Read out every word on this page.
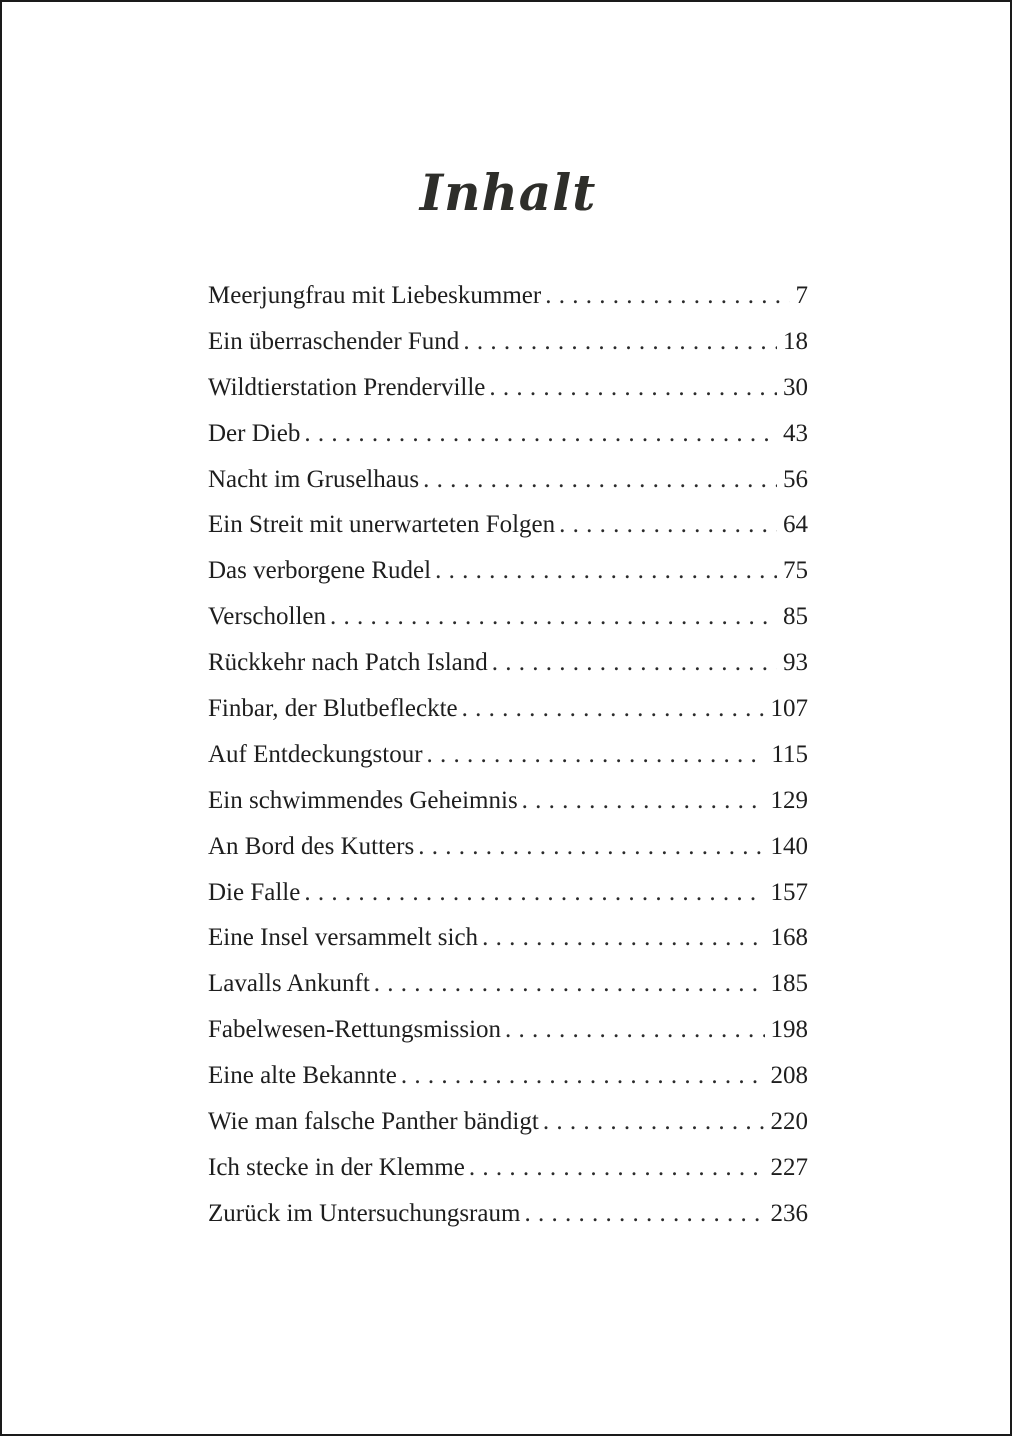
Inhalt
Meerjungfrau mit Liebeskummer . . .	7
Ein überraschender Fund . . .	18
Wildtierstation Prenderville . . .	30
Der Dieb . . .	43
Nacht im Gruselhaus . . .	56
Ein Streit mit unerwarteten Folgen . . .	64
Das verborgene Rudel . . .	75
Verschollen . . .	85
Rückkehr nach Patch Island . . .	93
Finbar, der Blutbefleckte . . .	107
Auf Entdeckungstour . . .	115
Ein schwimmendes Geheimnis . . .	129
An Bord des Kutters . . .	140
Die Falle . . .	157
Eine Insel versammelt sich . . .	168
Lavalls Ankunft . . .	185
Fabelwesen-Rettungsmission . . .	198
Eine alte Bekannte . . .	208
Wie man falsche Panther bändigt . . .	220
Ich stecke in der Klemme . . .	227
Zurück im Untersuchungsraum . . .	236
